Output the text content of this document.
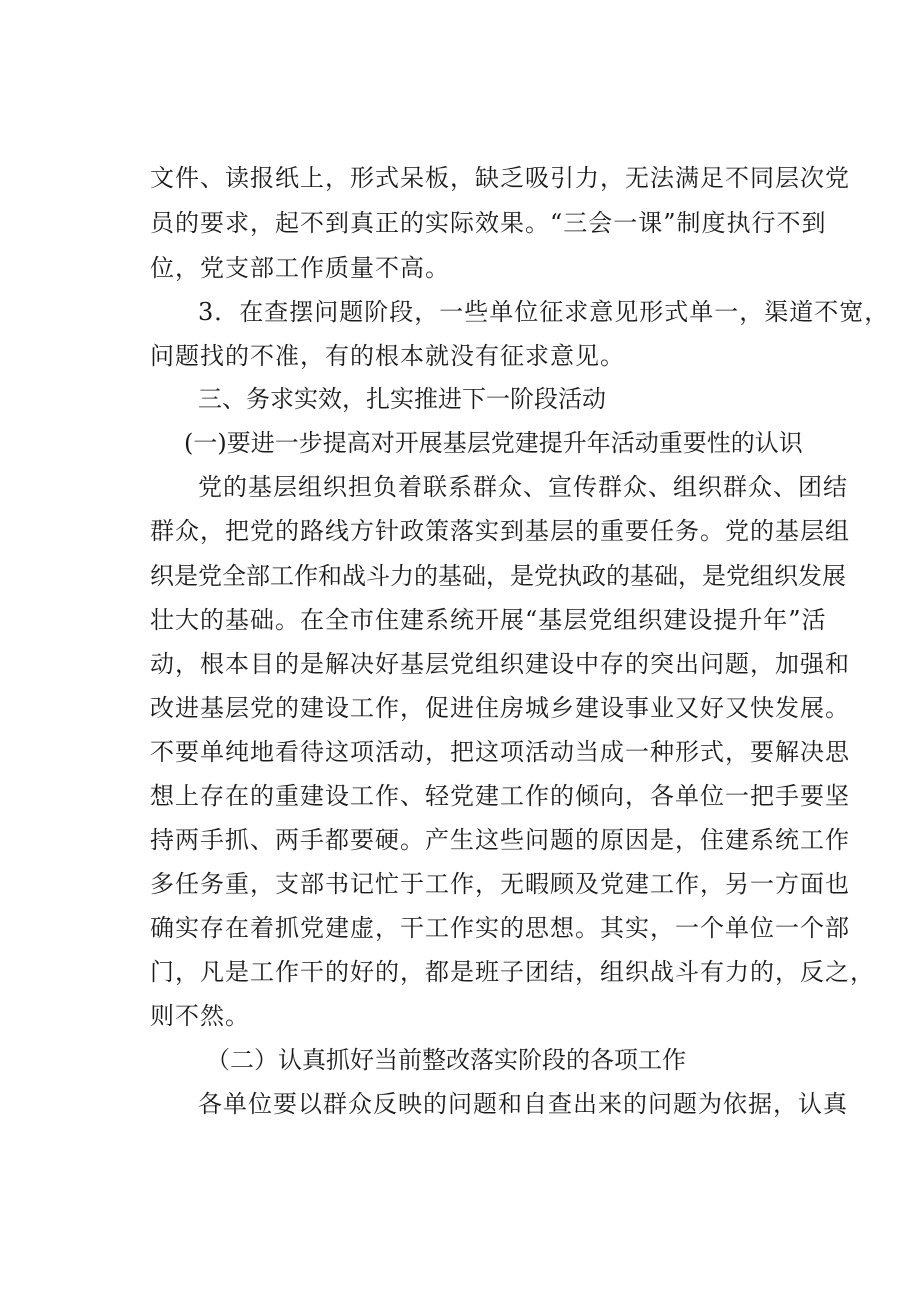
文件、读报纸上，形式呆板，缺乏吸引力，无法满足不同层次党
员的要求，起不到真正的实际效果。“三会一课”制度执行不到
位，党支部工作质量不高。
3．在查摆问题阶段，一些单位征求意见形式单一，渠道不宽，
问题找的不准，有的根本就没有征求意见。
三、务求实效，扎实推进下一阶段活动
(一)要进一步提高对开展基层党建提升年活动重要性的认识
党的基层组织担负着联系群众、宣传群众、组织群众、团结
群众，把党的路线方针政策落实到基层的重要任务。党的基层组
织是党全部工作和战斗力的基础，是党执政的基础，是党组织发展
壮大的基础。在全市住建系统开展“基层党组织建设提升年”活
动，根本目的是解决好基层党组织建设中存的突出问题，加强和
改进基层党的建设工作，促进住房城乡建设事业又好又快发展。
不要单纯地看待这项活动，把这项活动当成一种形式，要解决思
想上存在的重建设工作、轻党建工作的倾向，各单位一把手要坚
持两手抓、两手都要硬。产生这些问题的原因是，住建系统工作
多任务重，支部书记忙于工作，无暇顾及党建工作，另一方面也
确实存在着抓党建虚，干工作实的思想。其实，一个单位一个部
门，凡是工作干的好的，都是班子团结，组织战斗有力的，反之，
则不然。
（二）认真抓好当前整改落实阶段的各项工作
各单位要以群众反映的问题和自查出来的问题为依据，认真
